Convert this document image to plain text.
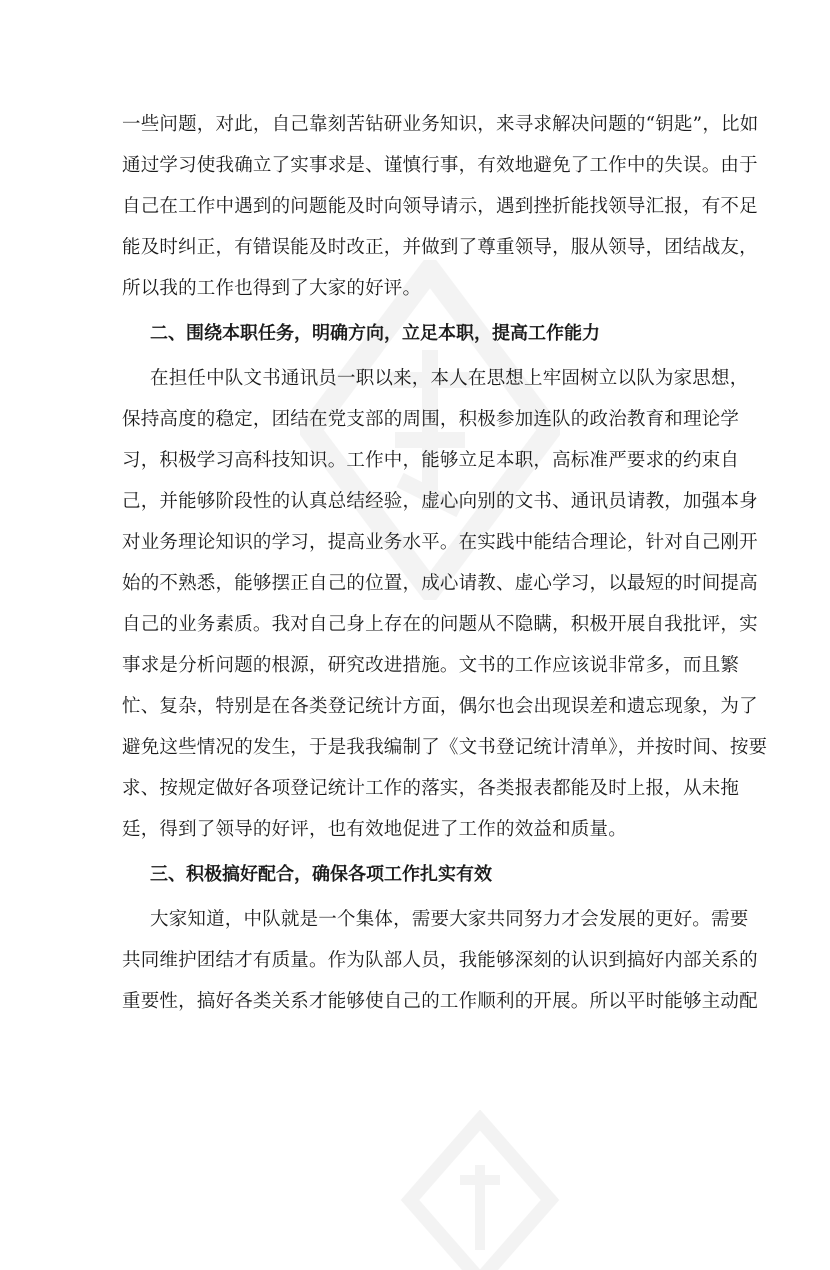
一些问题，对此，自己靠刻苦钻研业务知识，来寻求解决问题的“钥匙”，比如
通过学习使我确立了实事求是、谨慎行事，有效地避免了工作中的失误。由于
自己在工作中遇到的问题能及时向领导请示，遇到挫折能找领导汇报，有不足
能及时纠正，有错误能及时改正，并做到了尊重领导，服从领导，团结战友，
所以我的工作也得到了大家的好评。
二、围绕本职任务，明确方向，立足本职，提高工作能力
在担任中队文书通讯员一职以来，本人在思想上牢固树立以队为家思想，
保持高度的稳定，团结在党支部的周围，积极参加连队的政治教育和理论学
习，积极学习高科技知识。工作中，能够立足本职，高标准严要求的约束自
己，并能够阶段性的认真总结经验，虚心向别的文书、通讯员请教，加强本身
对业务理论知识的学习，提高业务水平。在实践中能结合理论，针对自己刚开
始的不熟悉，能够摆正自己的位置，成心请教、虚心学习，以最短的时间提高
自己的业务素质。我对自己身上存在的问题从不隐瞒，积极开展自我批评，实
事求是分析问题的根源，研究改进措施。文书的工作应该说非常多，而且繁
忙、复杂，特别是在各类登记统计方面，偶尔也会出现误差和遗忘现象，为了
避免这些情况的发生，于是我我编制了《文书登记统计清单》，并按时间、按要
求、按规定做好各项登记统计工作的落实，各类报表都能及时上报，从未拖
廷，得到了领导的好评，也有效地促进了工作的效益和质量。
三、积极搞好配合，确保各项工作扎实有效
大家知道，中队就是一个集体，需要大家共同努力才会发展的更好。需要
共同维护团结才有质量。作为队部人员，我能够深刻的认识到搞好内部关系的
重要性，搞好各类关系才能够使自己的工作顺利的开展。所以平时能够主动配
